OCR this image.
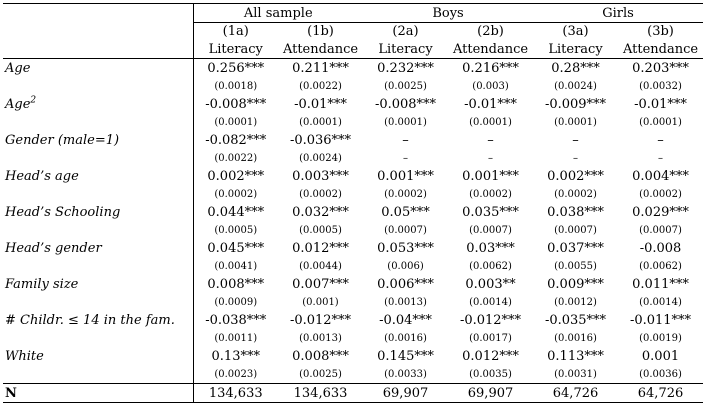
	All sample		Boys		Girls	
	(1a)	(1b)	(2a)	(2b)	(3a)	(3b)
	Literacy	Attendance	Literacy	Attendance	Literacy	Attendance
Age	0.256***	0.211***	0.232***	0.216***	0.28***	0.203***
	(0.0018)	(0.0022)	(0.0025)	(0.003)	(0.0024)	(0.0032)
Age$^2$	-0.008***	-0.01***	-0.008***	-0.01***	-0.009***	-0.01***
	(0.0001)	(0.0001)	(0.0001)	(0.0001)	(0.0001)	(0.0001)
Gender (male=1)	-0.082***	-0.036***	–	–	–	–
	(0.0022)	(0.0024)	–	–	–	–
Head’s age	0.002***	0.003***	0.001***	0.001***	0.002***	0.004***
	(0.0002)	(0.0002)	(0.0002)	(0.0002)	(0.0002)	(0.0002)
Head’s Schooling	0.044***	0.032***	0.05***	0.035***	0.038***	0.029***
	(0.0005)	(0.0005)	(0.0007)	(0.0007)	(0.0007)	(0.0007)
Head’s gender	0.045***	0.012***	0.053***	0.03***	0.037***	-0.008
	(0.0041)	(0.0044)	(0.006)	(0.0062)	(0.0055)	(0.0062)
Family size	0.008***	0.007***	0.006***	0.003**	0.009***	0.011***
	(0.0009)	(0.001)	(0.0013)	(0.0014)	(0.0012)	(0.0014)
# Childr. ≤ 14 in the fam.	-0.038***	-0.012***	-0.04***	-0.012***	-0.035***	-0.011***
	(0.0011)	(0.0013)	(0.0016)	(0.0017)	(0.0016)	(0.0019)
White	0.13***	0.008***	0.145***	0.012***	0.113***	0.001
	(0.0023)	(0.0025)	(0.0033)	(0.0035)	(0.0031)	(0.0036)
N	134,633	134,633	69,907	69,907	64,726	64,726
